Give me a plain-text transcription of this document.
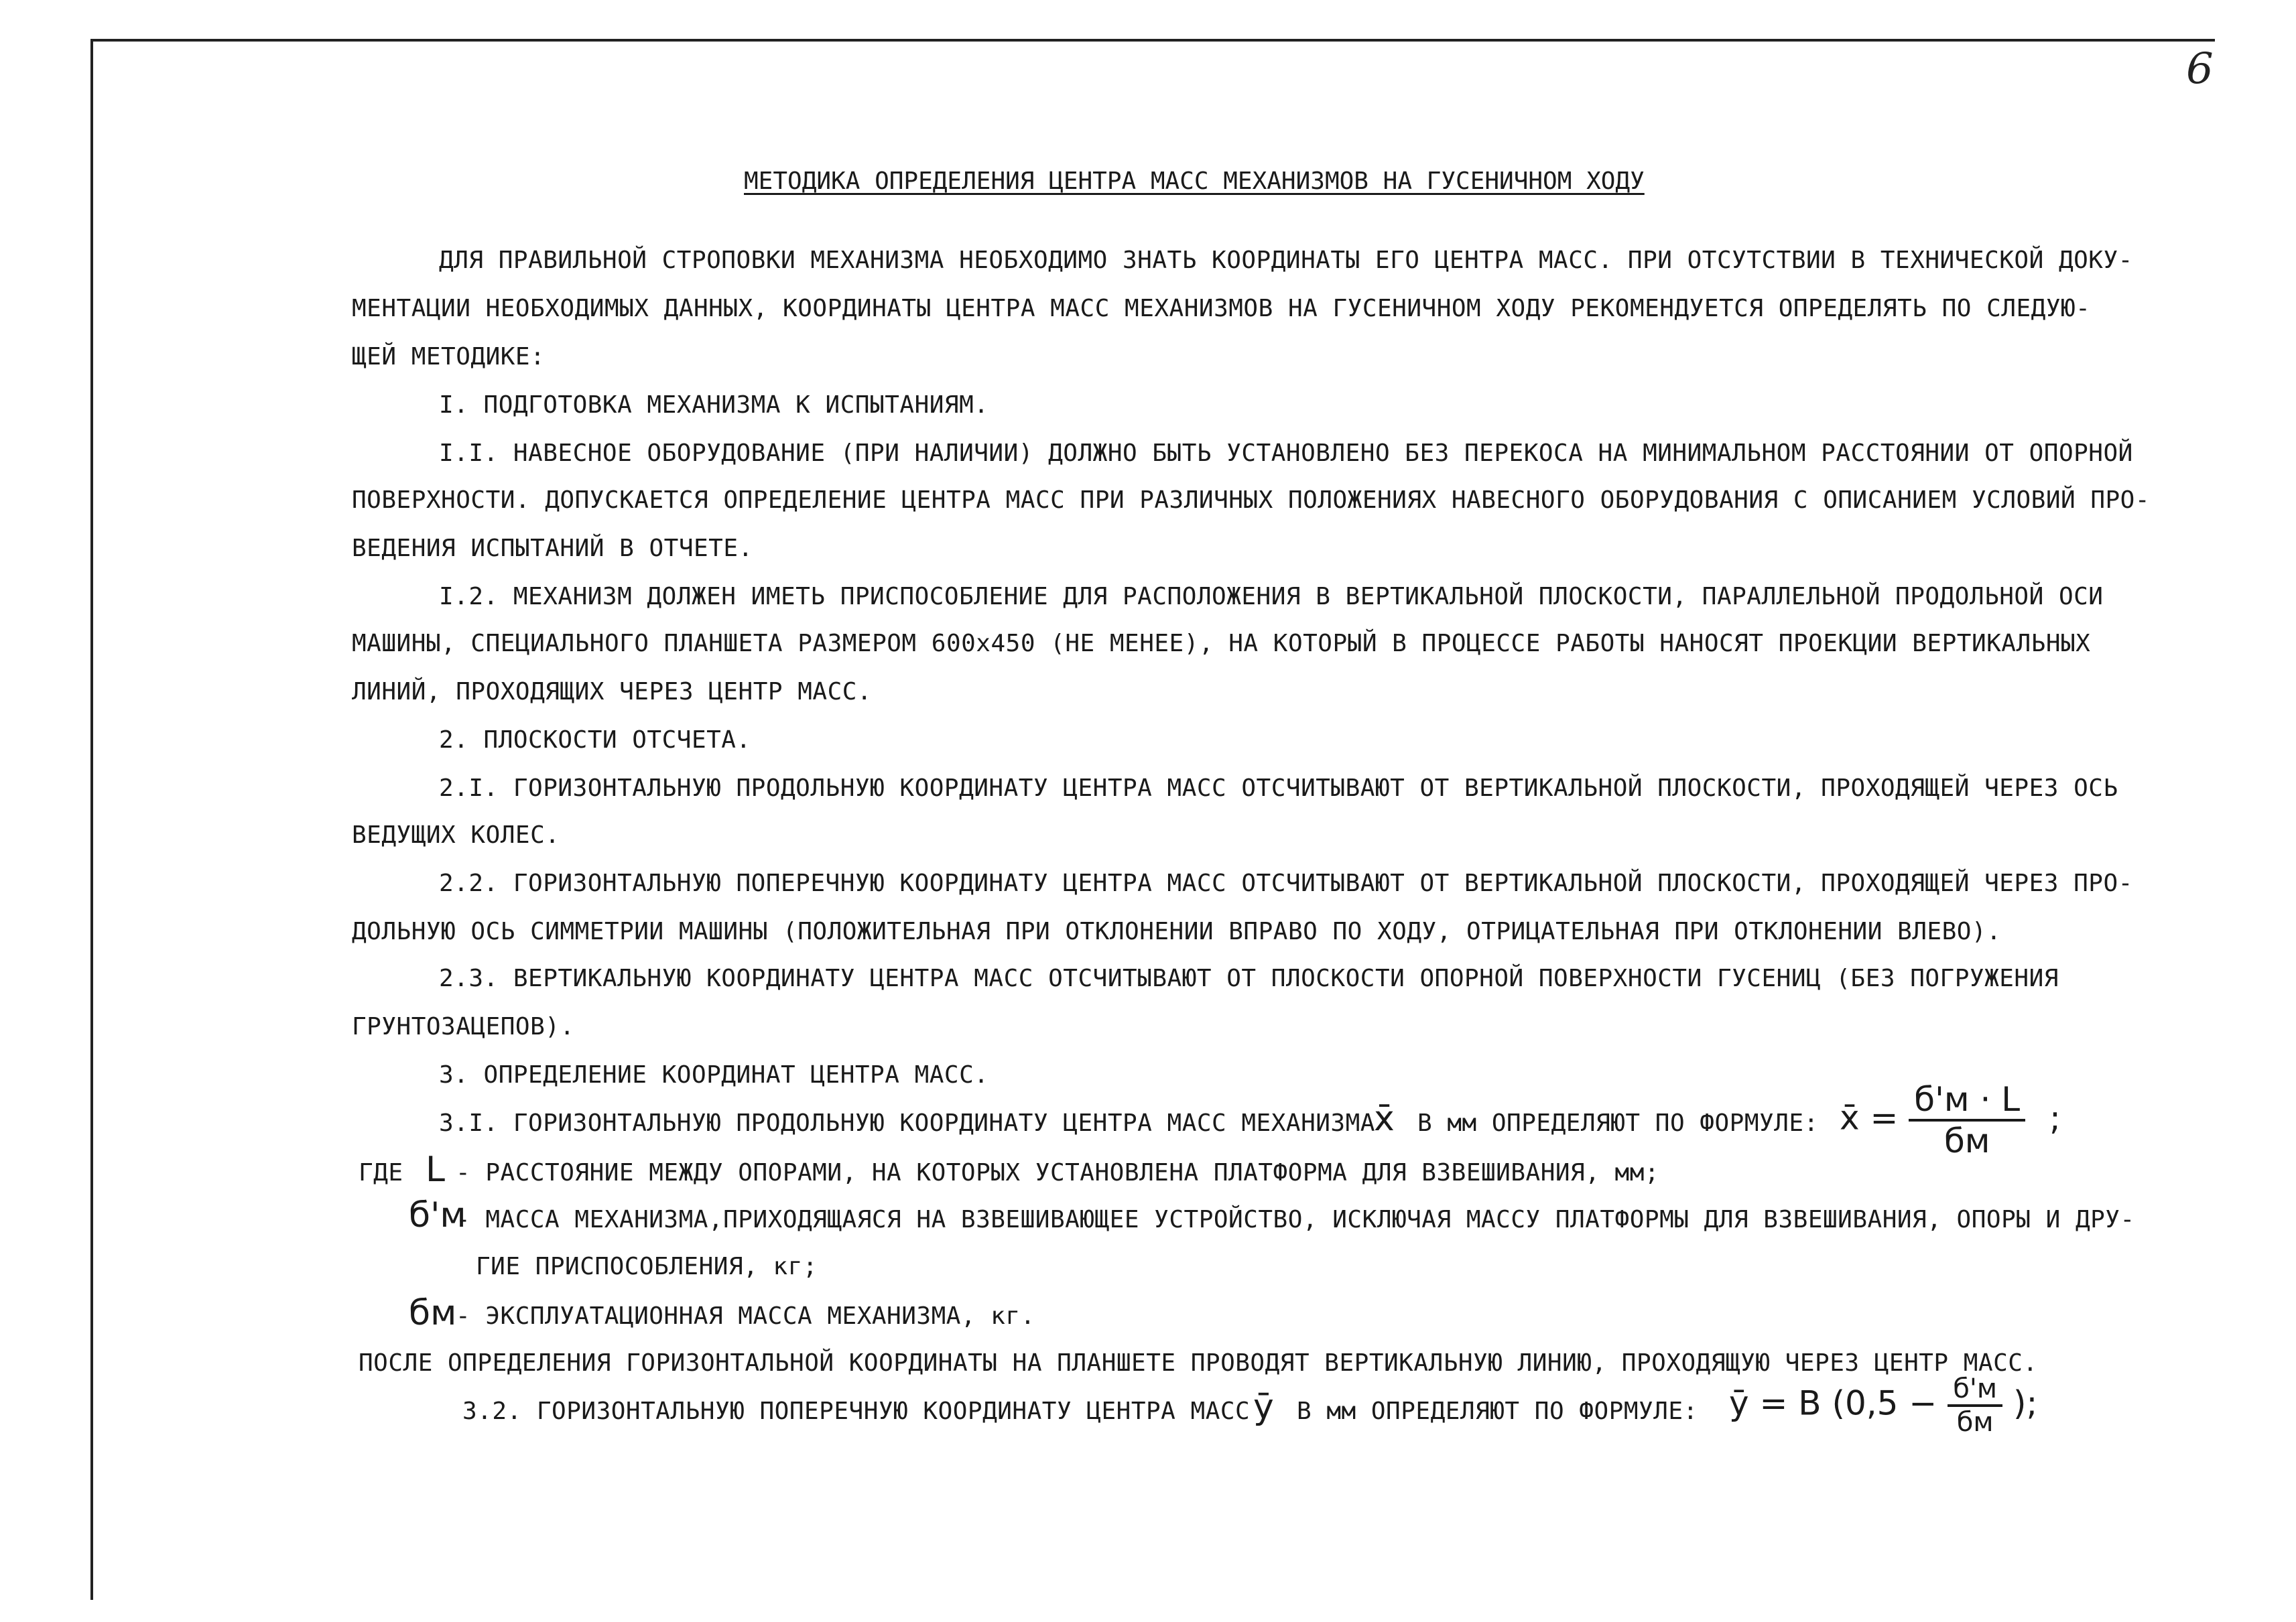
6
МЕТОДИКА ОПРЕДЕЛЕНИЯ ЦЕНТРА МАСС МЕХАНИЗМОВ НА ГУСЕНИЧНОМ ХОДУ
ДЛЯ ПРАВИЛЬНОЙ СТРОПОВКИ МЕХАНИЗМА НЕОБХОДИМО ЗНАТЬ КООРДИНАТЫ ЕГО ЦЕНТРА МАСС. ПРИ ОТСУТСТВИИ В ТЕХНИЧЕСКОЙ ДОКУ-
МЕНТАЦИИ НЕОБХОДИМЫХ ДАННЫХ, КООРДИНАТЫ ЦЕНТРА МАСС МЕХАНИЗМОВ НА ГУСЕНИЧНОМ ХОДУ РЕКОМЕНДУЕТСЯ ОПРЕДЕЛЯТЬ ПО СЛЕДУЮ-
ЩЕЙ МЕТОДИКЕ:
I. ПОДГОТОВКА МЕХАНИЗМА К ИСПЫТАНИЯМ.
I.I. НАВЕСНОЕ ОБОРУДОВАНИЕ (ПРИ НАЛИЧИИ) ДОЛЖНО БЫТЬ УСТАНОВЛЕНО БЕЗ ПЕРЕКОСА НА МИНИМАЛЬНОМ РАССТОЯНИИ ОТ ОПОРНОЙ
ПОВЕРХНОСТИ. ДОПУСКАЕТСЯ ОПРЕДЕЛЕНИЕ ЦЕНТРА МАСС ПРИ РАЗЛИЧНЫХ ПОЛОЖЕНИЯХ НАВЕСНОГО ОБОРУДОВАНИЯ С ОПИСАНИЕМ УСЛОВИЙ ПРО-
ВЕДЕНИЯ ИСПЫТАНИЙ В ОТЧЕТЕ.
I.2. МЕХАНИЗМ ДОЛЖЕН ИМЕТЬ ПРИСПОСОБЛЕНИЕ ДЛЯ РАСПОЛОЖЕНИЯ В ВЕРТИКАЛЬНОЙ ПЛОСКОСТИ, ПАРАЛЛЕЛЬНОЙ ПРОДОЛЬНОЙ ОСИ
МАШИНЫ, СПЕЦИАЛЬНОГО ПЛАНШЕТА РАЗМЕРОМ 600х450 (НЕ МЕНЕЕ), НА КОТОРЫЙ В ПРОЦЕССЕ РАБОТЫ НАНОСЯТ ПРОЕКЦИИ ВЕРТИКАЛЬНЫХ
ЛИНИЙ, ПРОХОДЯЩИХ ЧЕРЕЗ ЦЕНТР МАСС.
2. ПЛОСКОСТИ ОТСЧЕТА.
2.I. ГОРИЗОНТАЛЬНУЮ ПРОДОЛЬНУЮ КООРДИНАТУ ЦЕНТРА МАСС ОТСЧИТЫВАЮТ ОТ ВЕРТИКАЛЬНОЙ ПЛОСКОСТИ, ПРОХОДЯЩЕЙ ЧЕРЕЗ ОСЬ
ВЕДУЩИХ КОЛЕС.
2.2. ГОРИЗОНТАЛЬНУЮ ПОПЕРЕЧНУЮ КООРДИНАТУ ЦЕНТРА МАСС ОТСЧИТЫВАЮТ ОТ ВЕРТИКАЛЬНОЙ ПЛОСКОСТИ, ПРОХОДЯЩЕЙ ЧЕРЕЗ ПРО-
ДОЛЬНУЮ ОСЬ СИММЕТРИИ МАШИНЫ (ПОЛОЖИТЕЛЬНАЯ ПРИ ОТКЛОНЕНИИ ВПРАВО ПО ХОДУ, ОТРИЦАТЕЛЬНАЯ ПРИ ОТКЛОНЕНИИ ВЛЕВО).
2.3. ВЕРТИКАЛЬНУЮ КООРДИНАТУ ЦЕНТРА МАСС ОТСЧИТЫВАЮТ ОТ ПЛОСКОСТИ ОПОРНОЙ ПОВЕРХНОСТИ ГУСЕНИЦ (БЕЗ ПОГРУЖЕНИЯ
ГРУНТОЗАЦЕПОВ).
3. ОПРЕДЕЛЕНИЕ КООРДИНАТ ЦЕНТРА МАСС.
3.I. ГОРИЗОНТАЛЬНУЮ ПРОДОЛЬНУЮ КООРДИНАТУ ЦЕНТРА МАСС МЕХАНИЗМА
x̄ В мм ОПРЕДЕЛЯЮТ ПО ФОРМУЛЕ: x̄ = $\frac{б'м \cdot L}{бм}$ ;
ГДЕ L - РАССТОЯНИЕ МЕЖДУ ОПОРАМИ, НА КОТОРЫХ УСТАНОВЛЕНА ПЛАТФОРМА ДЛЯ ВЗВЕШИВАНИЯ, мм;
б'м
- МАССА МЕХАНИЗМА,ПРИХОДЯЩАЯСЯ НА ВЗВЕШИВАЮЩЕЕ УСТРОЙСТВО, ИСКЛЮЧАЯ МАССУ ПЛАТФОРМЫ ДЛЯ ВЗВЕШИВАНИЯ, ОПОРЫ И ДРУ-
ГИЕ ПРИСПОСОБЛЕНИЯ, кг;
бм
- ЭКСПЛУАТАЦИОННАЯ МАССА МЕХАНИЗМА, кг.
ПОСЛЕ ОПРЕДЕЛЕНИЯ ГОРИЗОНТАЛЬНОЙ КООРДИНАТЫ НА ПЛАНШЕТЕ ПРОВОДЯТ ВЕРТИКАЛЬНУЮ ЛИНИЮ, ПРОХОДЯЩУЮ ЧЕРЕЗ ЦЕНТР МАСС.
3.2. ГОРИЗОНТАЛЬНУЮ ПОПЕРЕЧНУЮ КООРДИНАТУ ЦЕНТРА МАСС ȳ В мм ОПРЕДЕЛЯЮТ ПО ФОРМУЛЕ: ȳ = B ($0,5 - \frac{б'м}{бм}$ );
